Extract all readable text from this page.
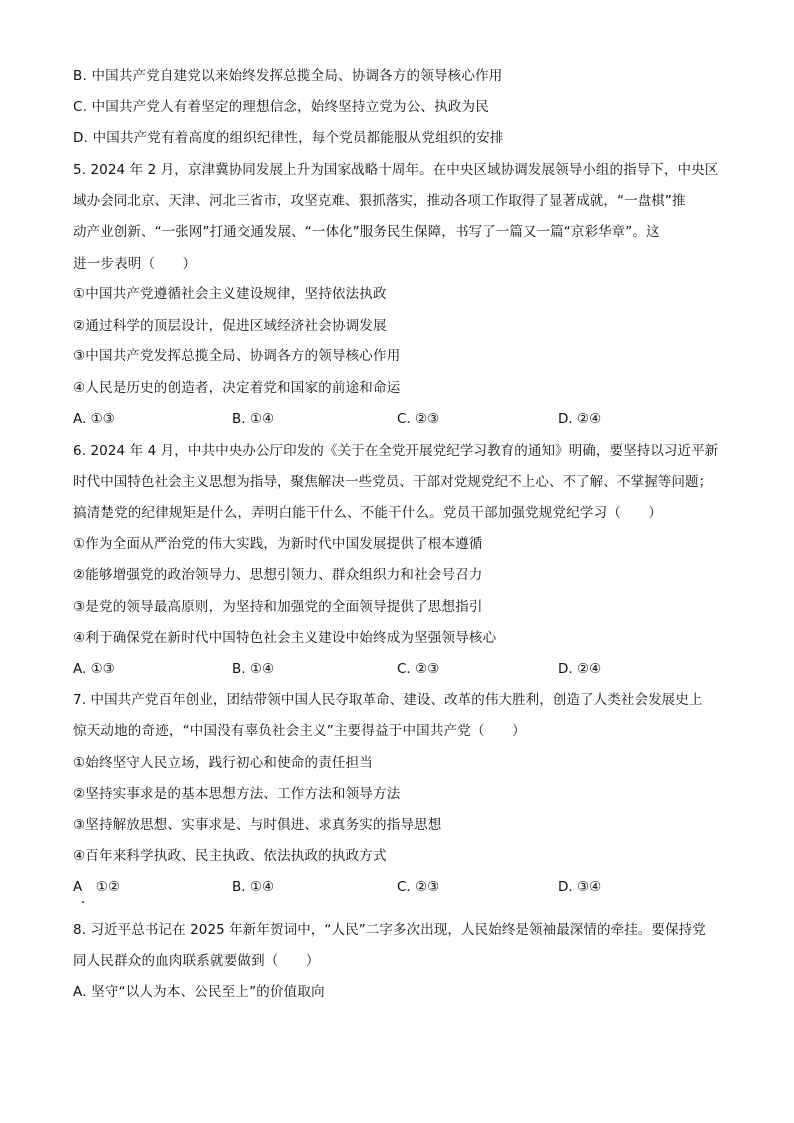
B. 中国共产党自建党以来始终发挥总揽全局、协调各方的领导核心作用
C. 中国共产党人有着坚定的理想信念，始终坚持立党为公、执政为民
D. 中国共产党有着高度的组织纪律性，每个党员都能服从党组织的安排
5. 2024 年 2 月，京津冀协同发展上升为国家战略十周年。在中央区域协调发展领导小组的指导下，中央区
域办会同北京、天津、河北三省市，攻坚克难、狠抓落实，推动各项工作取得了显著成就，“一盘棋”推
动产业创新、“一张网”打通交通发展、“一体化”服务民生保障，书写了一篇又一篇“京彩华章”。这
进一步表明（　　）
①中国共产党遵循社会主义建设规律，坚持依法执政
②通过科学的顶层设计，促进区域经济社会协调发展
③中国共产党发挥总揽全局、协调各方的领导核心作用
④人民是历史的创造者，决定着党和国家的前途和命运
A. ①③	B. ①④	C. ②③	D. ②④
6. 2024 年 4 月，中共中央办公厅印发的《关于在全党开展党纪学习教育的通知》明确，要坚持以习近平新
时代中国特色社会主义思想为指导，聚焦解决一些党员、干部对党规党纪不上心、不了解、不掌握等问题；
搞清楚党的纪律规矩是什么，弄明白能干什么、不能干什么。党员干部加强党规党纪学习（　　）
①作为全面从严治党的伟大实践，为新时代中国发展提供了根本遵循
②能够增强党的政治领导力、思想引领力、群众组织力和社会号召力
③是党的领导最高原则，为坚持和加强党的全面领导提供了思想指引
④利于确保党在新时代中国特色社会主义建设中始终成为坚强领导核心
A. ①③	B. ①④	C. ②③	D. ②④
7. 中国共产党百年创业，团结带领中国人民夺取革命、建设、改革的伟大胜利，创造了人类社会发展史上
惊天动地的奇迹，“中国没有辜负社会主义”主要得益于中国共产党（　　）
①始终坚守人民立场，践行初心和使命的责任担当
②坚持实事求是的基本思想方法、工作方法和领导方法
③坚持解放思想、实事求是、与时俱进、求真务实的指导思想
④百年来科学执政、民主执政、依法执政的执政方式
A　①②	B. ①④	C. ②③	D. ③④
8. 习近平总书记在 2025 年新年贺词中，“人民”二字多次出现，人民始终是领袖最深情的牵挂。要保持党
同人民群众的血肉联系就要做到（　　）
A. 坚守“以人为本、公民至上”的价值取向
